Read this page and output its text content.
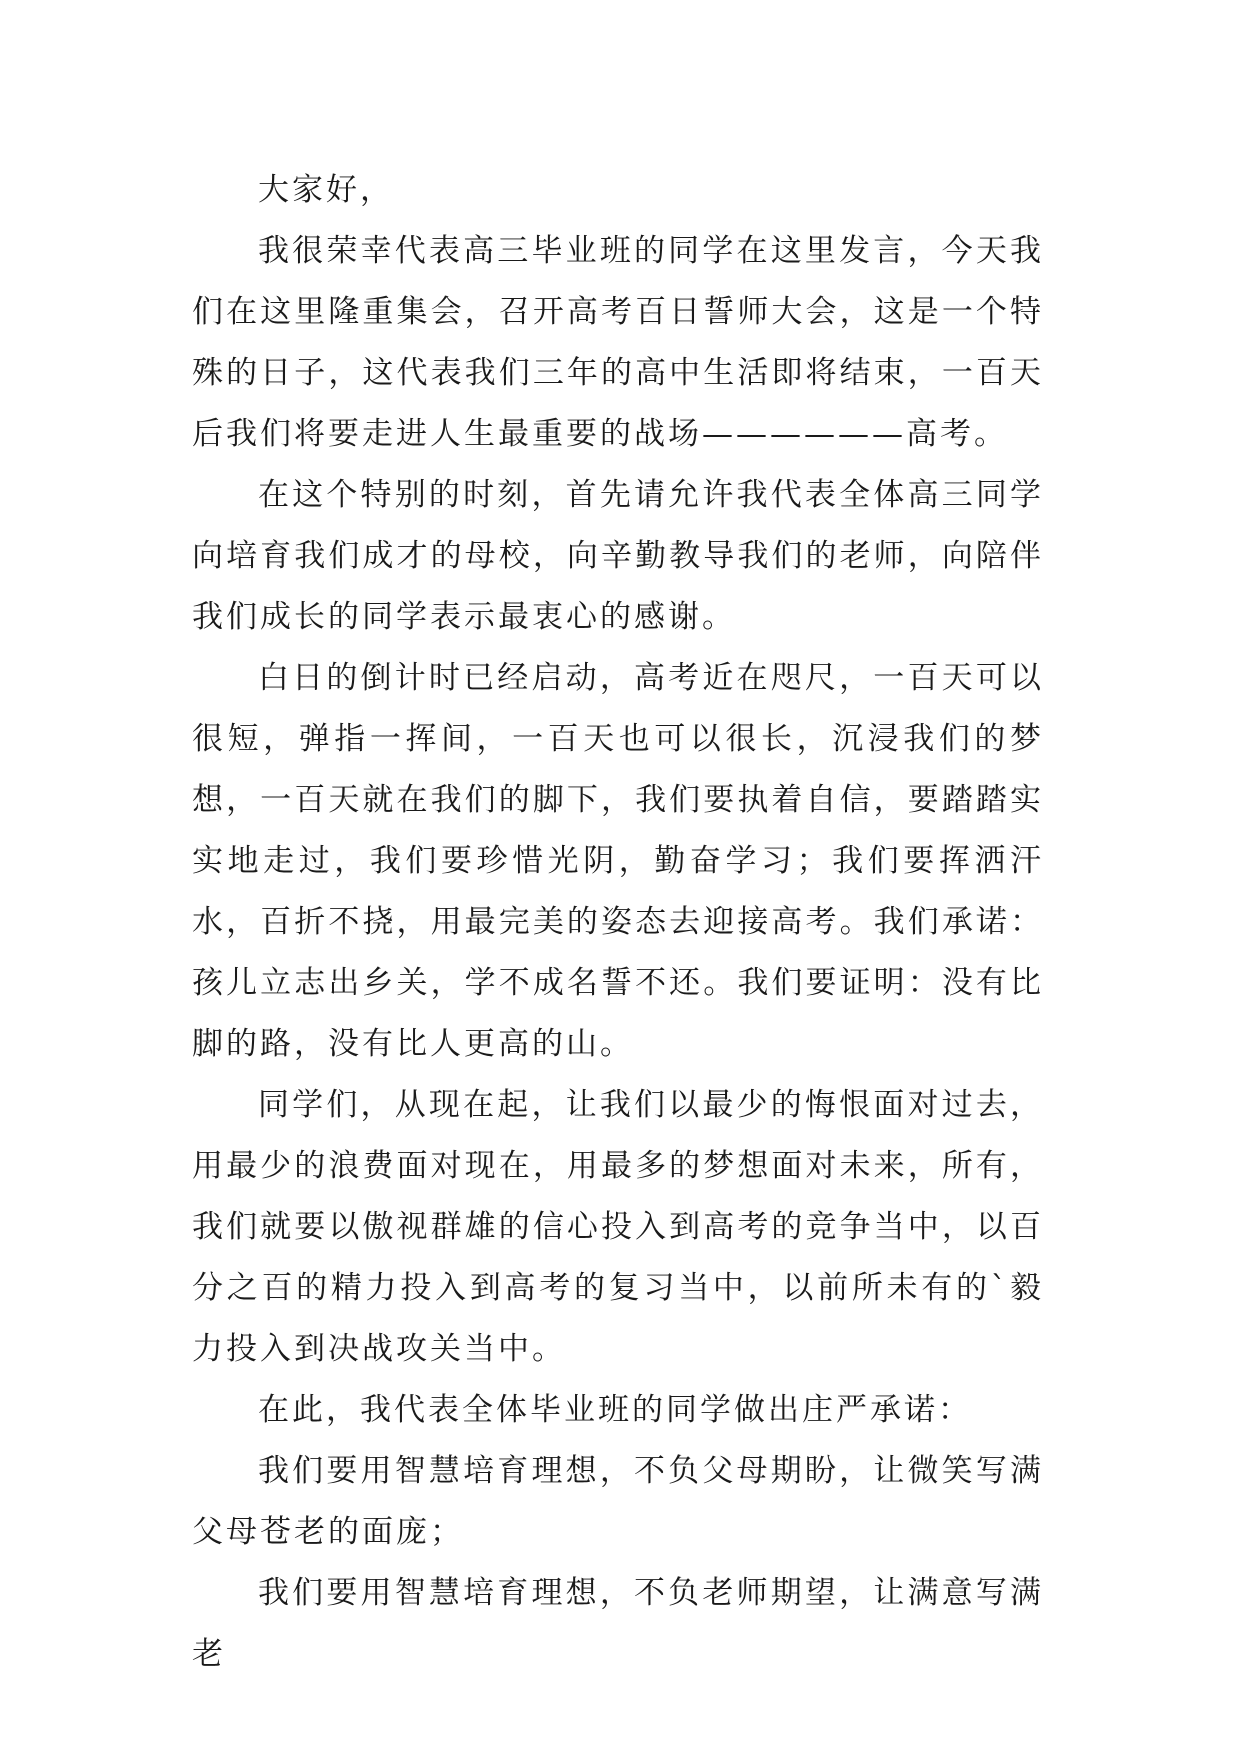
大家好，

我很荣幸代表高三毕业班的同学在这里发言，今天我们在这里隆重集会，召开高考百日誓师大会，这是一个特殊的日子，这代表我们三年的高中生活即将结束，一百天后我们将要走进人生最重要的战场——————高考。

在这个特别的时刻，首先请允许我代表全体高三同学向培育我们成才的母校，向辛勤教导我们的老师，向陪伴我们成长的同学表示最衷心的感谢。

白日的倒计时已经启动，高考近在咫尺，一百天可以很短，弹指一挥间，一百天也可以很长，沉浸我们的梦想，一百天就在我们的脚下，我们要执着自信，要踏踏实实地走过，我们要珍惜光阴，勤奋学习；我们要挥洒汗水，百折不挠，用最完美的姿态去迎接高考。我们承诺：孩儿立志出乡关，学不成名誓不还。我们要证明：没有比脚的路，没有比人更高的山。

同学们，从现在起，让我们以最少的悔恨面对过去，用最少的浪费面对现在，用最多的梦想面对未来，所有，我们就要以傲视群雄的信心投入到高考的竞争当中，以百分之百的精力投入到高考的复习当中，以前所未有的`毅力投入到决战攻关当中。

在此，我代表全体毕业班的同学做出庄严承诺：

我们要用智慧培育理想，不负父母期盼，让微笑写满父母苍老的面庞；

我们要用智慧培育理想，不负老师期望，让满意写满老
